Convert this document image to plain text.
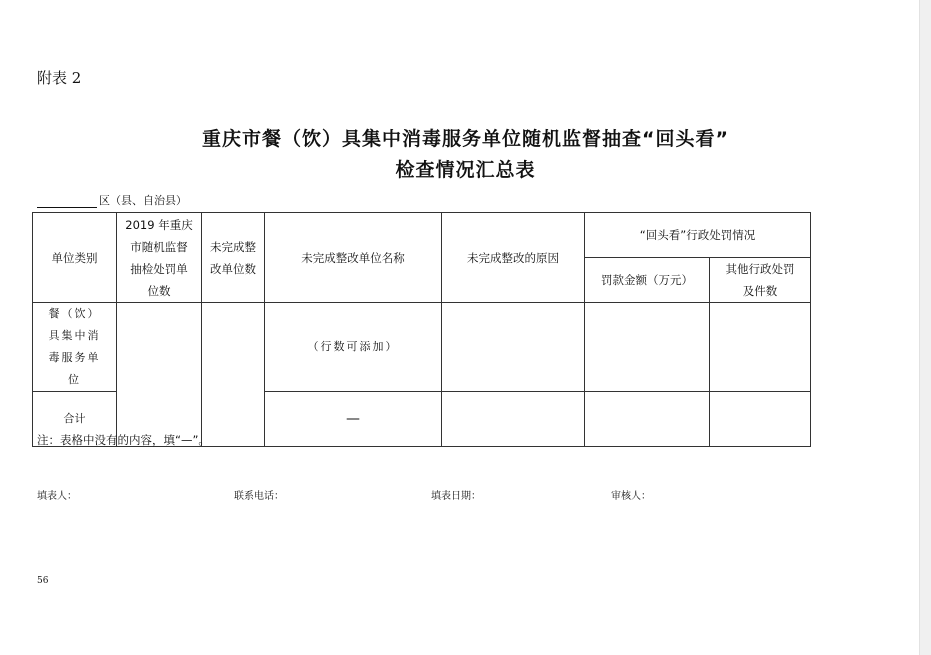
附表 2
重庆市餐（饮）具集中消毒服务单位随机监督抽查“回头看”
检查情况汇总表
区（县、自治县）
单位类别	2019 年重庆市随机监督抽检处罚单位数	未完成整改单位数	未完成整改单位名称	未完成整改的原因	“回头看”行政处罚情况	
					罚款金额（万元）	其他行政处罚及件数
餐（饮）具集中消毒服务单位			（行数可添加）			
合计			—			
注：表格中没有的内容，填“—”。
填表人：	联系电话：	填表日期：	审核人：
56
